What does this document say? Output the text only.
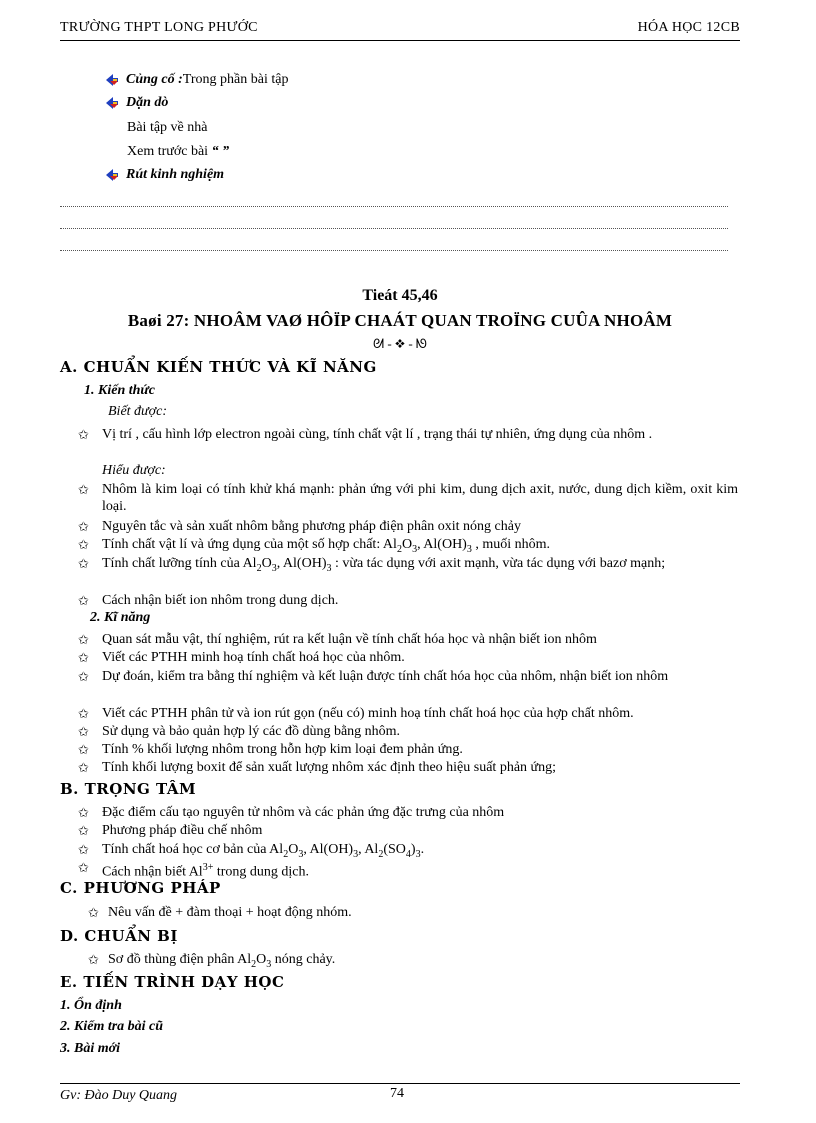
TRƯỜNG THPT LONG PHƯỚC	HÓA HỌC 12CB
Củng cố : Trong phần bài tập
Dặn dò
Bài tập về nhà
Xem trước bài “ ”
Rút kinh nghiệm
Tieát 45,46
Baøi 27: NHOÂM VAØ HÔÏP CHAÁT QUAN TROÏNG CUÛA NHOÂM
ᘛ - ❖ - ᘚ
A. CHUẨN KIẾN THỨC VÀ KĨ NĂNG
1. Kiến thức
Biết được:
✩ Vị trí , cấu hình lớp electron ngoài cùng, tính chất vật lí , trạng thái tự nhiên, ứng dụng của nhôm .
Hiểu được:
✩ Nhôm là kim loại có tính khử khá mạnh: phản ứng với phi kim, dung dịch axit, nước, dung dịch kiềm, oxit kim loại.
✩ Nguyên tắc và sản xuất nhôm bằng phương pháp điện phân oxit nóng chảy
✩ Tính chất vật lí và ứng dụng của một số hợp chất: $Al_2O_3$, $Al(OH)_3$ , muối nhôm.
✩ Tính chất lưỡng tính của $Al_2O_3$, $Al(OH)_3$ : vừa tác dụng với axit mạnh, vừa tác dụng với bazơ mạnh;
✩ Cách nhận biết ion nhôm trong dung dịch.
2. Kĩ năng
✩ Quan sát mẫu vật, thí nghiệm, rút ra kết luận về tính chất hóa học và nhận biết ion nhôm
✩ Viết các PTHH minh hoạ tính chất hoá học của nhôm.
✩ Dự đoán, kiểm tra bằng thí nghiệm và kết luận được tính chất hóa học của nhôm, nhận biết ion nhôm
✩ Viết các PTHH phân tử và ion rút gọn (nếu có) minh hoạ tính chất hoá học của hợp chất nhôm.
✩ Sử dụng và bảo quản hợp lý các đồ dùng bằng nhôm.
✩ Tính % khối lượng nhôm trong hỗn hợp kim loại đem phản ứng.
✩ Tính khối lượng boxit để sản xuất lượng nhôm xác định theo hiệu suất phản ứng;
B. TRỌNG TÂM
✩ Đặc điểm cấu tạo nguyên tử nhôm và các phản ứng đặc trưng của nhôm
✩ Phương pháp điều chế nhôm
✩ Tính chất hoá học cơ bản của $Al_2O_3$, $Al(OH)_3$, $Al_2(SO_4)_3$.
✩ Cách nhận biết $Al^{3+}$ trong dung dịch.
C. PHƯƠNG PHÁP
✩ Nêu vấn đề + đàm thoại + hoạt động nhóm.
D. CHUẨN BỊ
✩ Sơ đồ thùng điện phân $Al_2O_3$ nóng chảy.
E. TIẾN TRÌNH DẠY HỌC
1. Ổn định
2. Kiểm tra bài cũ
3. Bài mới
Gv: Đào Duy Quang	74
